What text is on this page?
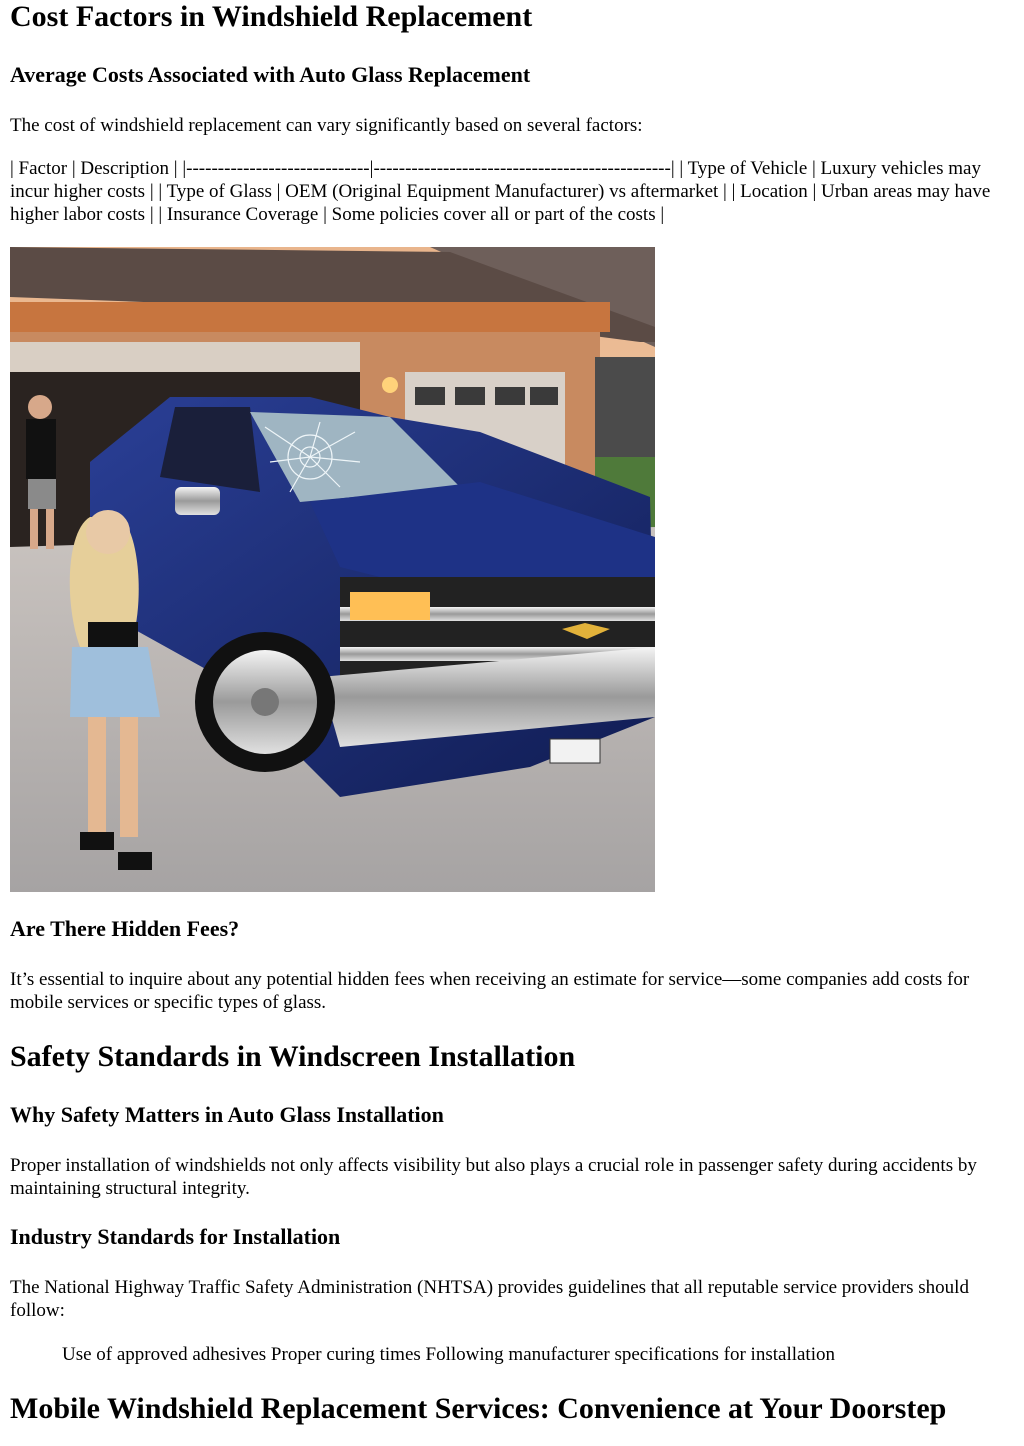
Cost Factors in Windshield Replacement
Average Costs Associated with Auto Glass Replacement

The cost of windshield replacement can vary significantly based on several factors:

| Factor | Description | |-----------------------------|-----------------------------------------------| | Type of Vehicle | Luxury vehicles may incur higher costs | | Type of Glass | OEM (Original Equipment Manufacturer) vs aftermarket | | Location | Urban areas may have higher labor costs | | Insurance Coverage | Some policies cover all or part of the costs |

Are There Hidden Fees?

It’s essential to inquire about any potential hidden fees when receiving an estimate for service—some companies add costs for mobile services or specific types of glass.

Safety Standards in Windscreen Installation
Why Safety Matters in Auto Glass Installation

Proper installation of windshields not only affects visibility but also plays a crucial role in passenger safety during accidents by maintaining structural integrity.

Industry Standards for Installation

The National Highway Traffic Safety Administration (NHTSA) provides guidelines that all reputable service providers should follow:

Use of approved adhesives Proper curing times Following manufacturer specifications for installation

Mobile Windshield Replacement Services: Convenience at Your Doorstep
